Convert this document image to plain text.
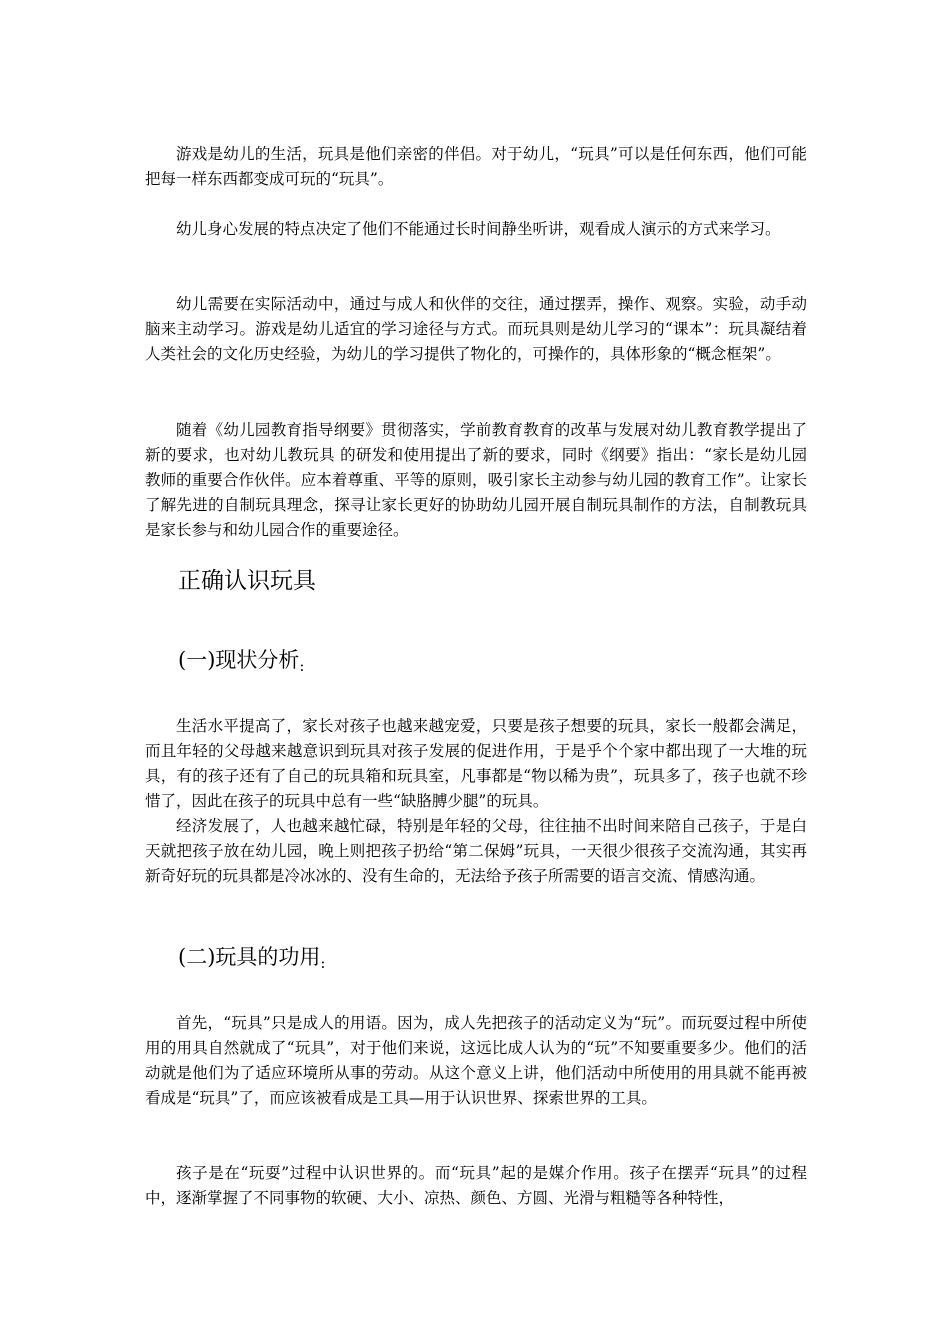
游戏是幼儿的生活，玩具是他们亲密的伴侣。对于幼儿，“玩具”可以是任何东西，他们可能把每一样东西都变成可玩的“玩具”。

幼儿身心发展的特点决定了他们不能通过长时间静坐听讲，观看成人演示的方式来学习。

幼儿需要在实际活动中，通过与成人和伙伴的交往，通过摆弄，操作、观察。实验，动手动脑来主动学习。游戏是幼儿适宜的学习途径与方式。而玩具则是幼儿学习的“课本”：玩具凝结着人类社会的文化历史经验，为幼儿的学习提供了物化的，可操作的，具体形象的“概念框架”。

随着《幼儿园教育指导纲要》贯彻落实，学前教育教育的改革与发展对幼儿教育教学提出了新的要求，也对幼儿教玩具 的研发和使用提出了新的要求，同时《纲要》指出：“家长是幼儿园教师的重要合作伙伴。应本着尊重、平等的原则，吸引家长主动参与幼儿园的教育工作”。让家长了解先进的自制玩具理念，探寻让家长更好的协助幼儿园开展自制玩具制作的方法，自制教玩具是家长参与和幼儿园合作的重要途径。

正确认识玩具
(一)现状分析:

生活水平提高了，家长对孩子也越来越宠爱，只要是孩子想要的玩具，家长一般都会满足，而且年轻的父母越来越意识到玩具对孩子发展的促进作用，于是乎个个家中都出现了一大堆的玩具，有的孩子还有了自己的玩具箱和玩具室，凡事都是“物以稀为贵”，玩具多了，孩子也就不珍惜了，因此在孩子的玩具中总有一些“缺胳膊少腿”的玩具。

经济发展了，人也越来越忙碌，特别是年轻的父母，往往抽不出时间来陪自己孩子，于是白天就把孩子放在幼儿园，晚上则把孩子扔给“第二保姆”玩具，一天很少很孩子交流沟通，其实再新奇好玩的玩具都是冷冰冰的、没有生命的，无法给予孩子所需要的语言交流、情感沟通。

(二)玩具的功用:

首先，“玩具”只是成人的用语。因为，成人先把孩子的活动定义为“玩”。而玩耍过程中所使用的用具自然就成了“玩具”，对于他们来说，这远比成人认为的“玩”不知要重要多少。他们的活动就是他们为了适应环境所从事的劳动。从这个意义上讲，他们活动中所使用的用具就不能再被看成是“玩具”了，而应该被看成是工具—用于认识世界、探索世界的工具。

孩子是在“玩耍”过程中认识世界的。而“玩具”起的是媒介作用。孩子在摆弄“玩具”的过程中，逐渐掌握了不同事物的软硬、大小、凉热、颜色、方圆、光滑与粗糙等各种特性，
